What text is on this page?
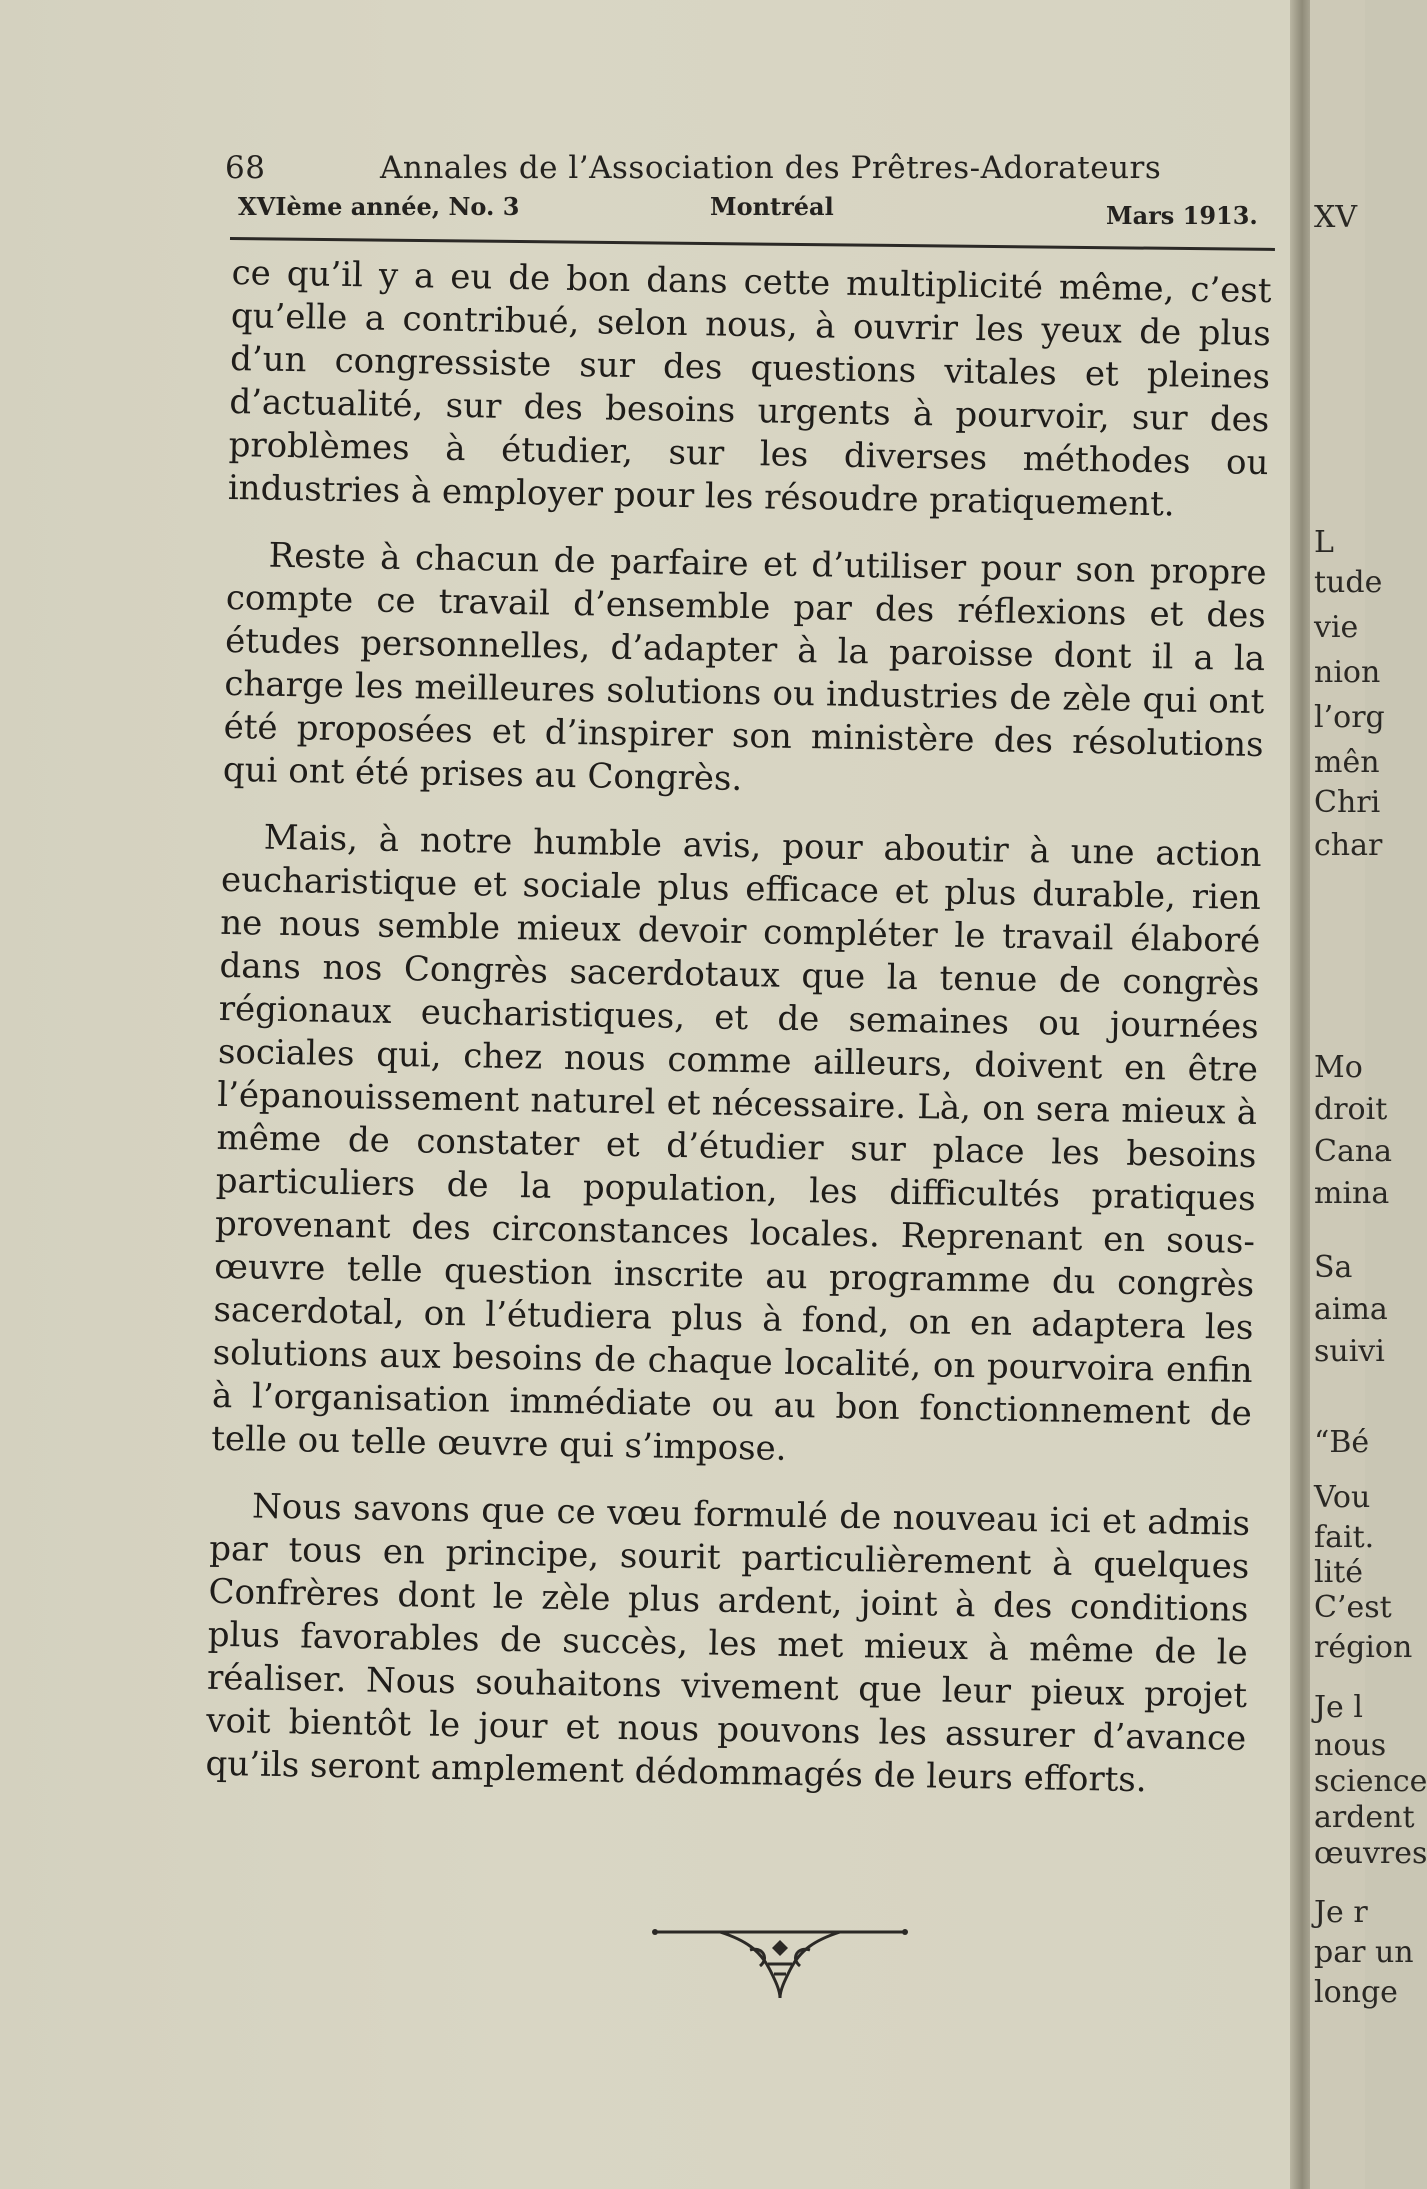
68	Annales de l’Association des Prêtres-Adorateurs
XVIème année, No. 3	Montréal	Mars 1913.

ce qu’il y a eu de bon dans cette multiplicité même, c’est qu’elle a contribué, selon nous, à ouvrir les yeux de plus d’un congressiste sur des questions vitales et pleines d’actualité, sur des besoins urgents à pourvoir, sur des problèmes à étudier, sur les diverses méthodes ou industries à employer pour les résoudre pratiquement.

Reste à chacun de parfaire et d’utiliser pour son propre compte ce travail d’ensemble par des réflexions et des études personnelles, d’adapter à la paroisse dont il a la charge les meilleures solutions ou industries de zèle qui ont été proposées et d’inspirer son ministère des résolutions qui ont été prises au Congrès.

Mais, à notre humble avis, pour aboutir à une action eucharistique et sociale plus efficace et plus durable, rien ne nous semble mieux devoir compléter le travail élaboré dans nos Congrès sacerdotaux que la tenue de congrès régionaux eucharistiques, et de semaines ou journées sociales qui, chez nous comme ailleurs, doivent en être l’épanouissement naturel et nécessaire. Là, on sera mieux à même de constater et d’étudier sur place les besoins particuliers de la population, les difficultés pratiques provenant des circonstances locales. Reprenant en sous-œuvre telle question inscrite au programme du congrès sacerdotal, on l’étudiera plus à fond, on en adaptera les solutions aux besoins de chaque localité, on pourvoira enfin à l’organisation immédiate ou au bon fonctionnement de telle ou telle œuvre qui s’impose.

Nous savons que ce vœu formulé de nouveau ici et admis par tous en principe, sourit particulièrement à quelques Confrères dont le zèle plus ardent, joint à des conditions plus favorables de succès, les met mieux à même de le réaliser. Nous souhaitons vivement que leur pieux projet voit bientôt le jour et nous pouvons les assurer d’avance qu’ils seront amplement dédommagés de leurs efforts.

XV
L
tude
vie
nion
l’org
mên
Chri
char
Mo
droit
Cana
mina
Sa
aima
suivi
“Bé
Vou
fait.
lité
C’est
région
Je l
nous
science
ardent
œuvres
Je r
par un
longe
